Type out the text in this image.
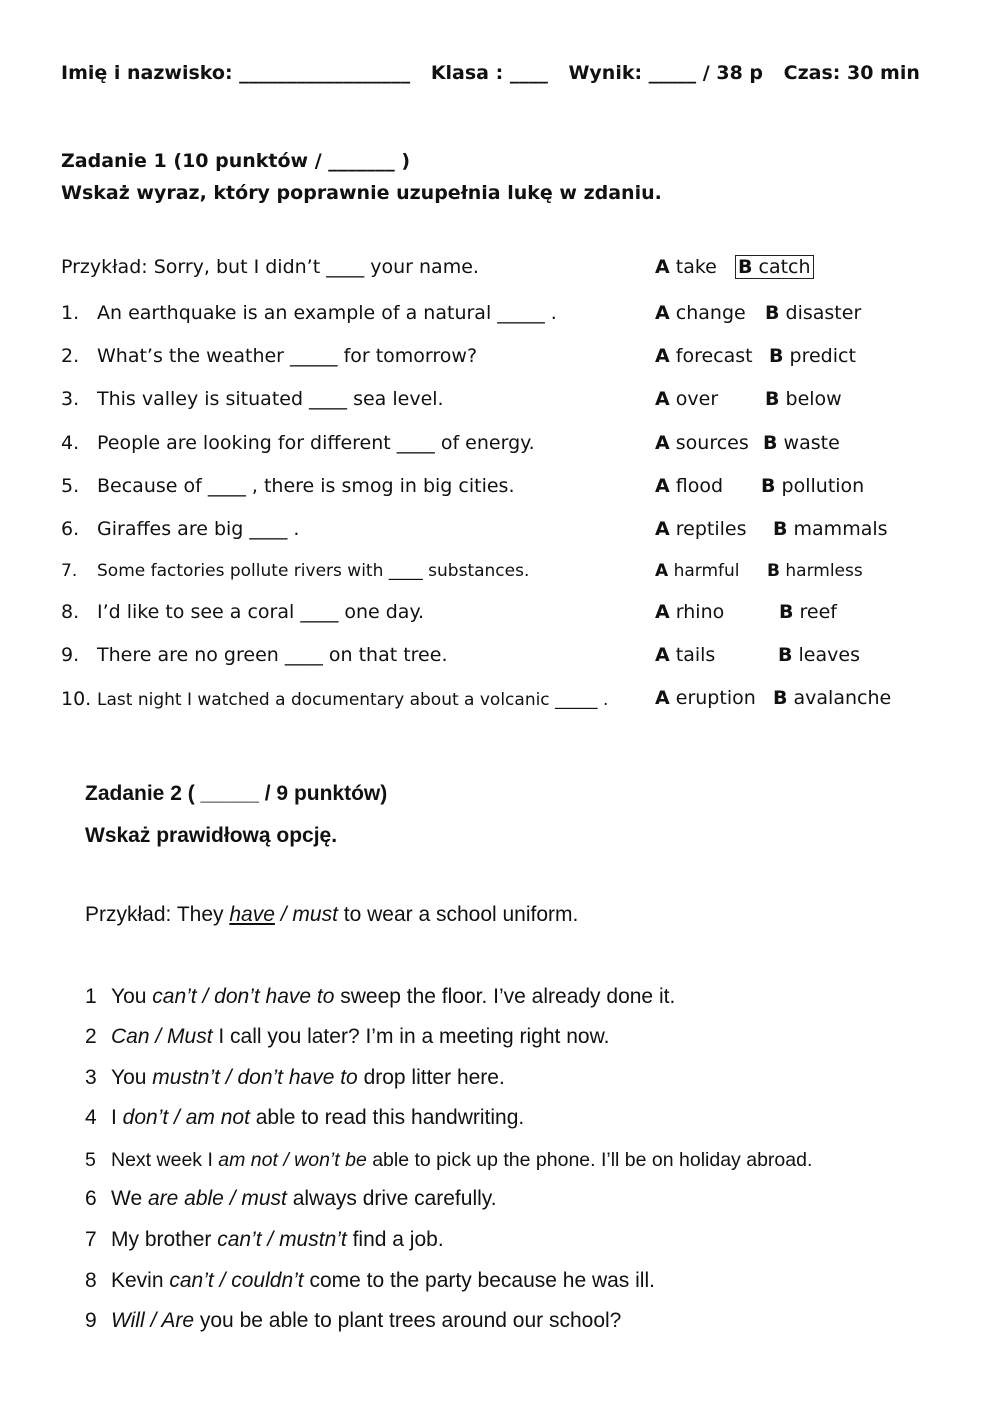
Imię i nazwisko: __________________ Klasa : ____ Wynik: _____ / 38 p Czas: 30 min
Zadanie 1 (10 punktów / _______ )
Wskaż wyraz, który poprawnie uzupełnia lukę w zdaniu.
Przykład: Sorry, but I didn’t ____ your name.	A take B catch
1. An earthquake is an example of a natural _____ .	A change B disaster
2. What’s the weather _____ for tomorrow?	A forecast B predict
3. This valley is situated ____ sea level.	A over B below
4. People are looking for different ____ of energy.	A sources B waste
5. Because of ____ , there is smog in big cities.	A flood B pollution
6. Giraffes are big ____ .	A reptiles B mammals
7. Some factories pollute rivers with ____ substances.	A harmful B harmless
8. I’d like to see a coral ____ one day.	A rhino	B reef
9. There are no green ____ on that tree.	A tails	B leaves
10. Last night I watched a documentary about a volcanic _____ . A eruption B avalanche
Zadanie 2 ( _____ / 9 punktów)
Wskaż prawidłową opcję.
Przykład: They have / must to wear a school uniform.
1 You can’t / don’t have to sweep the floor. I’ve already done it.
2 Can / Must I call you later? I’m in a meeting right now.
3 You mustn’t / don’t have to drop litter here.
4 I don’t / am not able to read this handwriting.
5 Next week I am not / won’t be able to pick up the phone. I’ll be on holiday abroad.
6 We are able / must always drive carefully.
7 My brother can’t / mustn’t find a job.
8 Kevin can’t / couldn’t come to the party because he was ill.
9 Will / Are you be able to plant trees around our school?
